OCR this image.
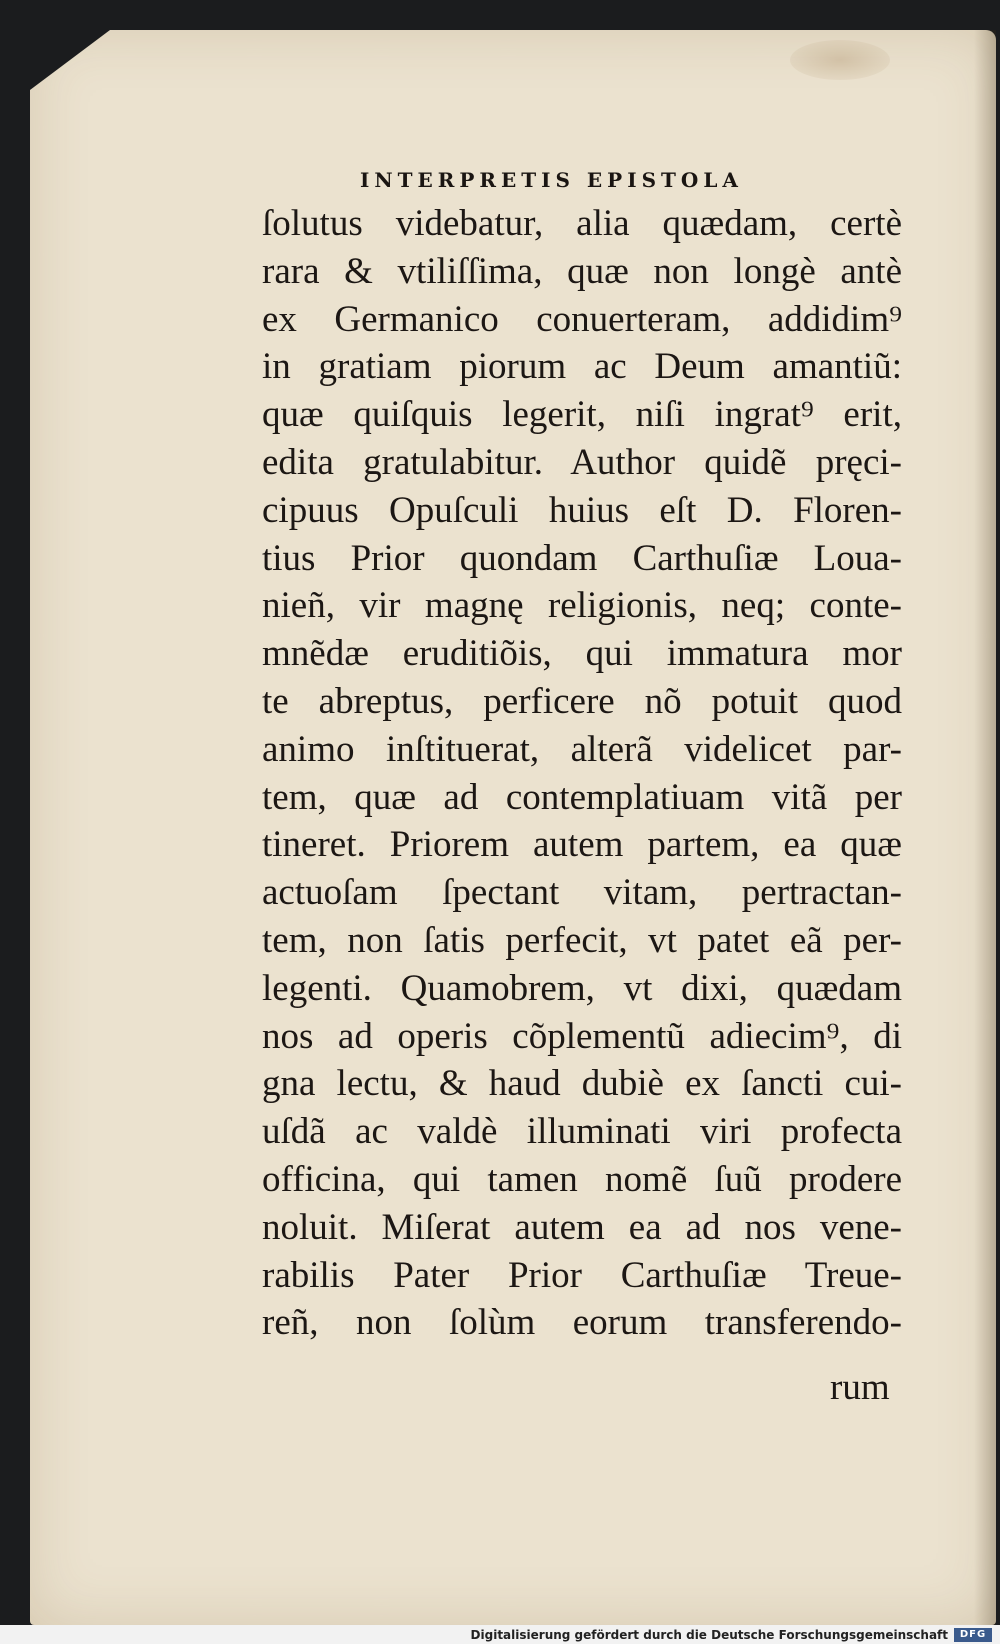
INTERPRETIS EPISTOLA
ſolutus videbatur, alia quædam, certè
rara & vtiliſſima, quæ non longè antè
ex Germanico conuerteram, addidim⁹
in gratiam piorum ac Deum amantiũ:
quæ quiſquis legerit, niſi ingrat⁹ erit,
edita gratulabitur. Author quidẽ pręci-
cipuus Opuſculi huius eſt D. Floren-
tius Prior quondam Carthuſiæ Loua-
nieñ, vir magnę religionis, neq; conte-
mnẽdæ eruditiõis, qui immatura mor
te abreptus, perficere nõ potuit quod
animo inſtituerat, alterã videlicet par-
tem, quæ ad contemplatiuam vitã per
tineret. Priorem autem partem, ea quæ
actuoſam ſpectant vitam, pertractan-
tem, non ſatis perfecit, vt patet eã per-
legenti. Quamobrem, vt dixi, quædam
nos ad operis cõplementũ adiecim⁹, di
gna lectu, & haud dubiè ex ſancti cui-
uſdã ac valdè illuminati viri profecta
officina, qui tamen nomẽ ſuũ prodere
noluit. Miſerat autem ea ad nos vene-
rabilis Pater Prior Carthuſiæ Treue-
reñ, non ſolùm eorum transferendo-
rum
Digitalisierung gefördert durch die Deutsche Forschungsgemeinschaft	DFG
